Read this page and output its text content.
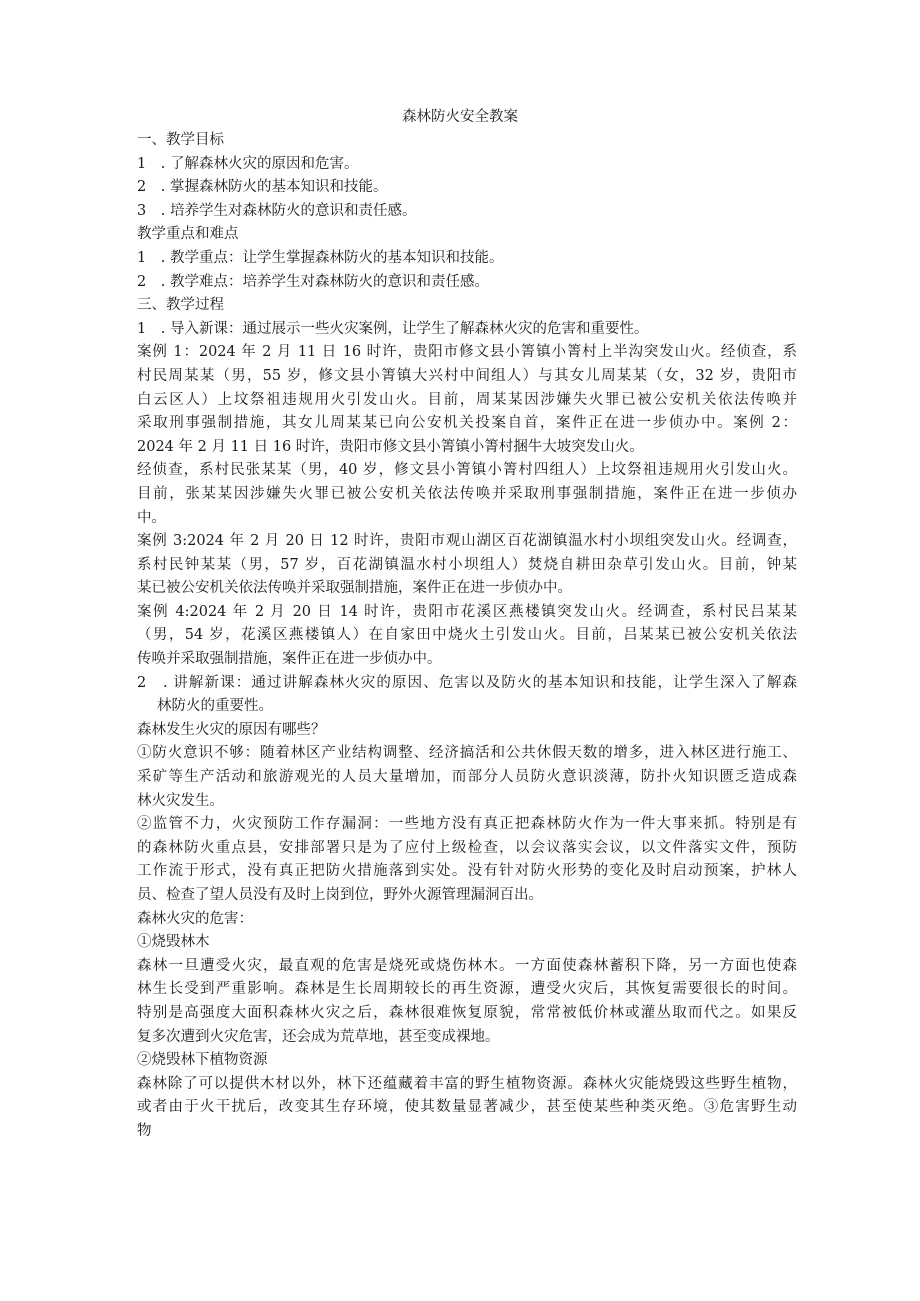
森林防火安全教案
一、教学目标
1　. 了解森林火灾的原因和危害。
2　. 掌握森林防火的基本知识和技能。
3　. 培养学生对森林防火的意识和责任感。
教学重点和难点
1　. 教学重点：让学生掌握森林防火的基本知识和技能。
2　. 教学难点：培养学生对森林防火的意识和责任感。
三、教学过程
1　. 导入新课：通过展示一些火灾案例，让学生了解森林火灾的危害和重要性。
案例 1：2024 年 2 月 11 日 16 时许，贵阳市修文县小箐镇小箐村上半沟突发山火。经侦查，系
村民周某某（男，55 岁，修文县小箐镇大兴村中间组人）与其女儿周某某（女，32 岁，贵阳市
白云区人）上坟祭祖违规用火引发山火。目前，周某某因涉嫌失火罪已被公安机关依法传唤并
采取刑事强制措施，其女儿周某某已向公安机关投案自首，案件正在进一步侦办中。案例 2：
2024 年 2 月 11 日 16 时许，贵阳市修文县小箐镇小箐村捆牛大坡突发山火。
经侦查，系村民张某某（男，40 岁，修文县小箐镇小箐村四组人）上坟祭祖违规用火引发山火。
目前，张某某因涉嫌失火罪已被公安机关依法传唤并采取刑事强制措施，案件正在进一步侦办
中。
案例 3:2024 年 2 月 20 日 12 时许，贵阳市观山湖区百花湖镇温水村小坝组突发山火。经调查，
系村民钟某某（男，57 岁，百花湖镇温水村小坝组人）焚烧自耕田杂草引发山火。目前，钟某
某已被公安机关依法传唤并采取强制措施，案件正在进一步侦办中。
案例 4:2024 年 2 月 20 日 14 时许，贵阳市花溪区燕楼镇突发山火。经调查，系村民吕某某
（男，54 岁，花溪区燕楼镇人）在自家田中烧火土引发山火。目前，吕某某已被公安机关依法
传唤并采取强制措施，案件正在进一步侦办中。
2　. 讲解新课：通过讲解森林火灾的原因、危害以及防火的基本知识和技能，让学生深入了解森
林防火的重要性。
森林发生火灾的原因有哪些？
①防火意识不够：随着林区产业结构调整、经济搞活和公共休假天数的增多，进入林区进行施工、
采矿等生产活动和旅游观光的人员大量增加，而部分人员防火意识淡薄，防扑火知识匮乏造成森
林火灾发生。
②监管不力，火灾预防工作存漏洞：一些地方没有真正把森林防火作为一件大事来抓。特别是有
的森林防火重点县，安排部署只是为了应付上级检查，以会议落实会议，以文件落实文件，预防
工作流于形式，没有真正把防火措施落到实处。没有针对防火形势的变化及时启动预案，护林人
员、检查了望人员没有及时上岗到位，野外火源管理漏洞百出。
森林火灾的危害：
①烧毁林木
森林一旦遭受火灾，最直观的危害是烧死或烧伤林木。一方面使森林蓄积下降，另一方面也使森
林生长受到严重影响。森林是生长周期较长的再生资源，遭受火灾后，其恢复需要很长的时间。
特别是高强度大面积森林火灾之后，森林很难恢复原貌，常常被低价林或灌丛取而代之。如果反
复多次遭到火灾危害，还会成为荒草地，甚至变成裸地。
②烧毁林下植物资源
森林除了可以提供木材以外，林下还蕴藏着丰富的野生植物资源。森林火灾能烧毁这些野生植物，
或者由于火干扰后，改变其生存环境，使其数量显著减少，甚至使某些种类灭绝。③危害野生动
物
